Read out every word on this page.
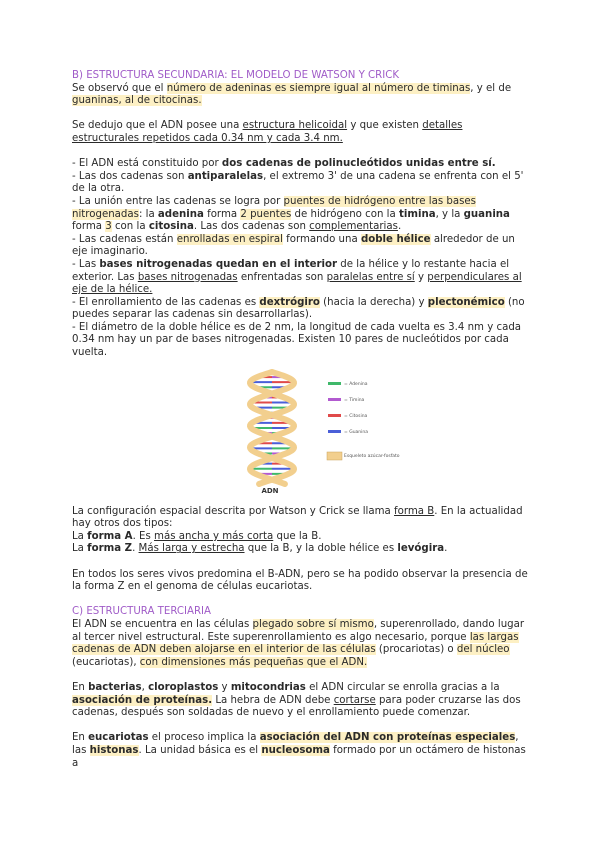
B) ESTRUCTURA SECUNDARIA: EL MODELO DE WATSON Y CRICK

Se observó que el número de adeninas es siempre igual al número de timinas, y el de guaninas, al de citocinas.

Se dedujo que el ADN posee una estructura helicoidal y que existen detalles estructurales repetidos cada 0.34 nm y cada 3.4 nm.

- El ADN está constituido por dos cadenas de polinucleótidos unidas entre sí.

- Las dos cadenas son antiparalelas, el extremo 3' de una cadena se enfrenta con el 5' de la otra.

- La unión entre las cadenas se logra por puentes de hidrógeno entre las bases nitrogenadas: la adenina forma 2 puentes de hidrógeno con la timina, y la guanina forma 3 con la citosina. Las dos cadenas son complementarias.

- Las cadenas están enrolladas en espiral formando una doble hélice alrededor de un eje imaginario.

- Las bases nitrogenadas quedan en el interior de la hélice y lo restante hacia el exterior. Las bases nitrogenadas enfrentadas son paralelas entre sí y perpendiculares al eje de la hélice.

- El enrollamiento de las cadenas es dextrógiro (hacia la derecha) y plectonémico (no puedes separar las cadenas sin desarrollarlas).

- El diámetro de la doble hélice es de 2 nm, la longitud de cada vuelta es 3.4 nm y cada 0.34 nm hay un par de bases nitrogenadas. Existen 10 pares de nucleótidos por cada vuelta.

ADN
= Adenina
= Timina
= Citosina
= Guanina
Esqueleto azúcar-fosfato

La configuración espacial descrita por Watson y Crick se llama forma B. En la actualidad hay otros dos tipos:

La forma A. Es más ancha y más corta que la B.

La forma Z. Más larga y estrecha que la B, y la doble hélice es levógira.

En todos los seres vivos predomina el B-ADN, pero se ha podido observar la presencia de la forma Z en el genoma de células eucariotas.

C) ESTRUCTURA TERCIARIA

El ADN se encuentra en las células plegado sobre sí mismo, superenrollado, dando lugar al tercer nivel estructural. Este superenrollamiento es algo necesario, porque las largas cadenas de ADN deben alojarse en el interior de las células (procariotas) o del núcleo (eucariotas), con dimensiones más pequeñas que el ADN.

En bacterias, cloroplastos y mitocondrias el ADN circular se enrolla gracias a la asociación de proteínas. La hebra de ADN debe cortarse para poder cruzarse las dos cadenas, después son soldadas de nuevo y el enrollamiento puede comenzar.

En eucariotas el proceso implica la asociación del ADN con proteínas especiales, las histonas. La unidad básica es el nucleosoma formado por un octámero de histonas a
